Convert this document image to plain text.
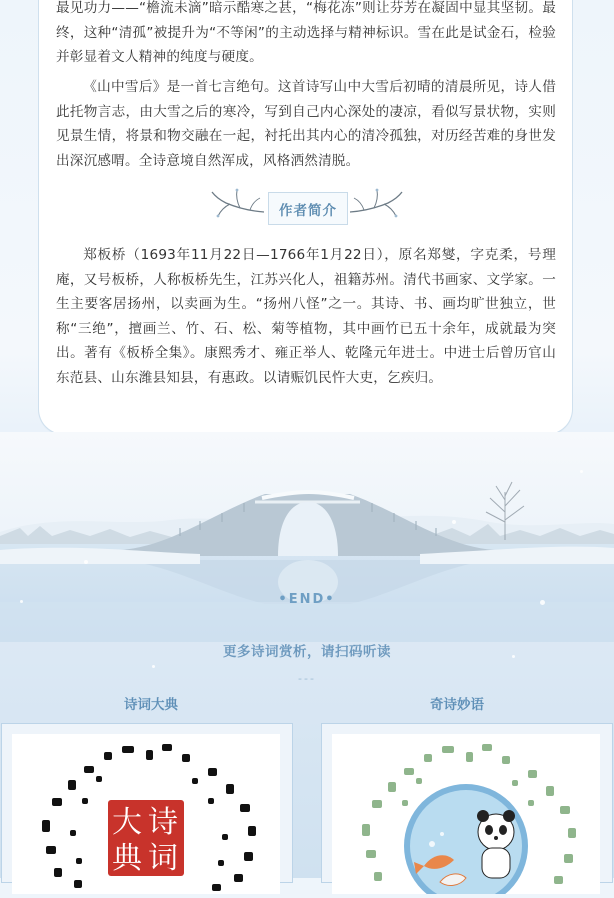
最见功力——“檐流未滴”暗示酷寒之甚，“梅花冻”则让芬芳在凝固中显其坚韧。最终，这种“清孤”被提升为“不等闲”的主动选择与精神标识。雪在此是试金石，检验并彰显着文人精神的纯度与硬度。

《山中雪后》是一首七言绝句。这首诗写山中大雪后初晴的清晨所见，诗人借此托物言志，由大雪之后的寒冷，写到自己内心深处的凄凉，看似写景状物，实则见景生情，将景和物交融在一起，衬托出其内心的清冷孤独，对历经苦难的身世发出深沉感喟。全诗意境自然浑成，风格洒然清脱。

作者简介

郑板桥（1693年11月22日—1766年1月22日），原名郑燮，字克柔，号理庵，又号板桥，人称板桥先生，江苏兴化人，祖籍苏州。清代书画家、文学家。一生主要客居扬州，以卖画为生。“扬州八怪”之一。其诗、书、画均旷世独立，世称“三绝”，擅画兰、竹、石、松、菊等植物，其中画竹已五十余年，成就最为突出。著有《板桥全集》。康熙秀才、雍正举人、乾隆元年进士。中进士后曾历官山东范县、山东潍县知县，有惠政。以请赈饥民忤大吏，乞疾归。

•END•
更多诗词赏析，请扫码听读
---
诗词大典	奇诗妙语
大 诗
典 词
